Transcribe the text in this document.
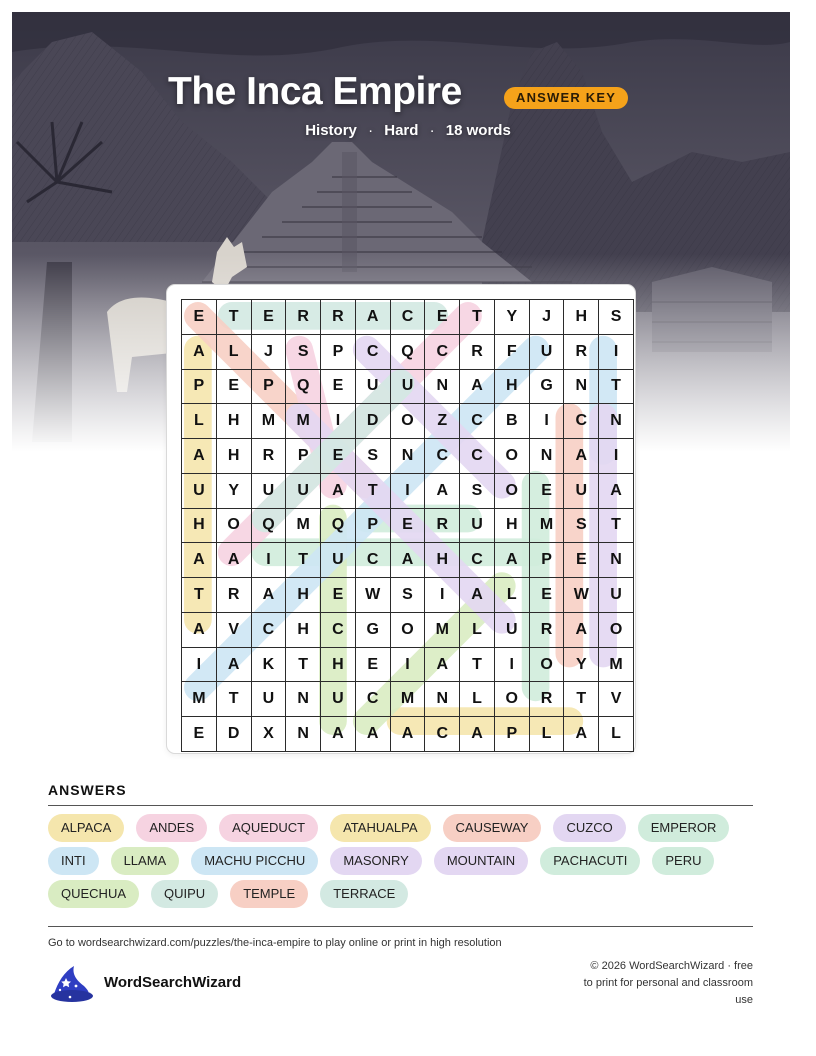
The Inca Empire	ANSWER KEY
History · Hard · 18 words
E	T	E	R	R	A	C	E	T	Y	J	H	S
A	L	J	S	P	C	Q	C	R	F	U	R	I
P	E	P	Q	E	U	U	N	A	H	G	N	T
L	H	M	M	I	D	O	Z	C	B	I	C	N
A	H	R	P	E	S	N	C	C	O	N	A	I
U	Y	U	U	A	T	I	A	S	O	E	U	A
H	O	Q	M	Q	P	E	R	U	H	M	S	T
A	A	I	T	U	C	A	H	C	A	P	E	N
T	R	A	H	E	W	S	I	A	L	E	W	U
A	V	C	H	C	G	O	M	L	U	R	A	O
I	A	K	T	H	E	I	A	T	I	O	Y	M
M	T	U	N	U	C	M	N	L	O	R	T	V
E	D	X	N	A	A	A	C	A	P	L	A	L
ANSWERS
ALPACA	ANDES	AQUEDUCT	ATAHUALPA	CAUSEWAY	CUZCO	EMPEROR
INTI	LLAMA	MACHU PICCHU	MASONRY	MOUNTAIN	PACHACUTI	PERU
QUECHUA	QUIPU	TEMPLE	TERRACE
Go to wordsearchwizard.com/puzzles/the-inca-empire to play online or print in high resolution
WordSearchWizard
© 2026 WordSearchWizard · free to print for personal and classroom use
